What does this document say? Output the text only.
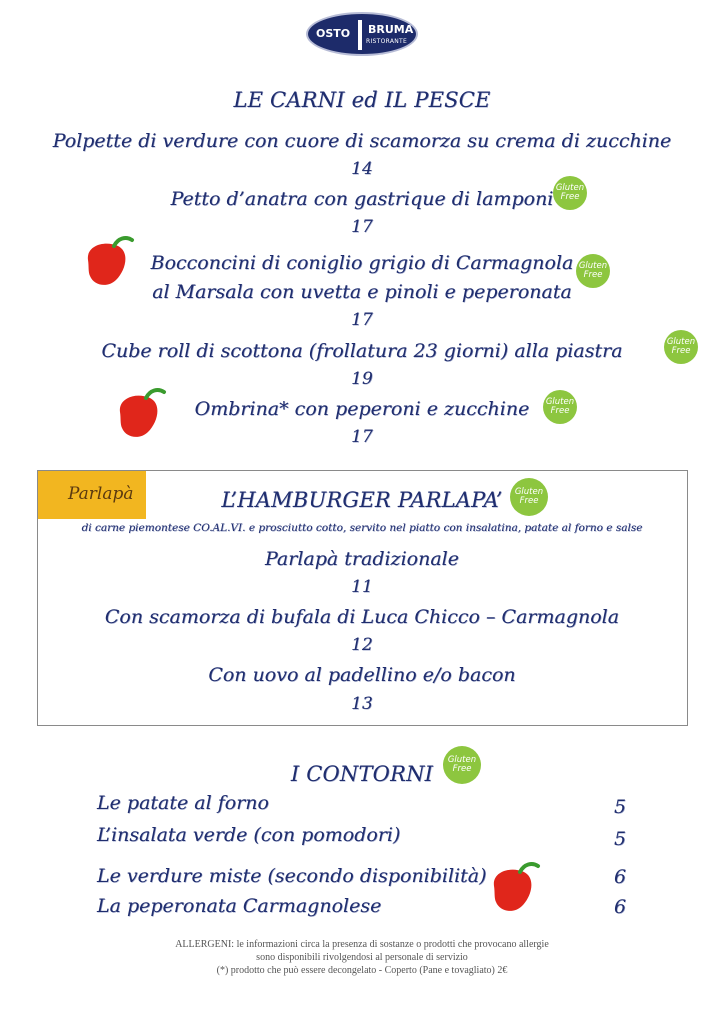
OSTO BRUMA
RISTORANTE
LE CARNI ed IL PESCE
Polpette di verdure con cuore di scamorza su crema di zucchine
14
Petto d’anatra con gastrique di lamponi
17
Gluten
Free
Bocconcini di coniglio grigio di Carmagnola
al Marsala con uvetta e pinoli e peperonata
17
Gluten
Free
Cube roll di scottona (frollatura 23 giorni) alla piastra
19
Gluten
Free
Ombrina* con peperoni e zucchine
17
Gluten
Free
Parlapà	L’HAMBURGER PARLAPA’	Gluten
Free
di carne piemontese CO.AL.VI. e prosciutto cotto, servito nel piatto con insalatina, patate al forno e salse
Parlapà tradizionale
11
Con scamorza di bufala di Luca Chicco – Carmagnola
12
Con uovo al padellino e/o bacon
13
I CONTORNI
Gluten
Free
Le patate al forno	5
L’insalata verde (con pomodori)	5
Le verdure miste (secondo disponibilità)	6
La peperonata Carmagnolese	6
ALLERGENI: le informazioni circa la presenza di sostanze o prodotti che provocano allergie
sono disponibili rivolgendosi al personale di servizio
(*) prodotto che può essere decongelato - Coperto (Pane e tovagliato) 2€
